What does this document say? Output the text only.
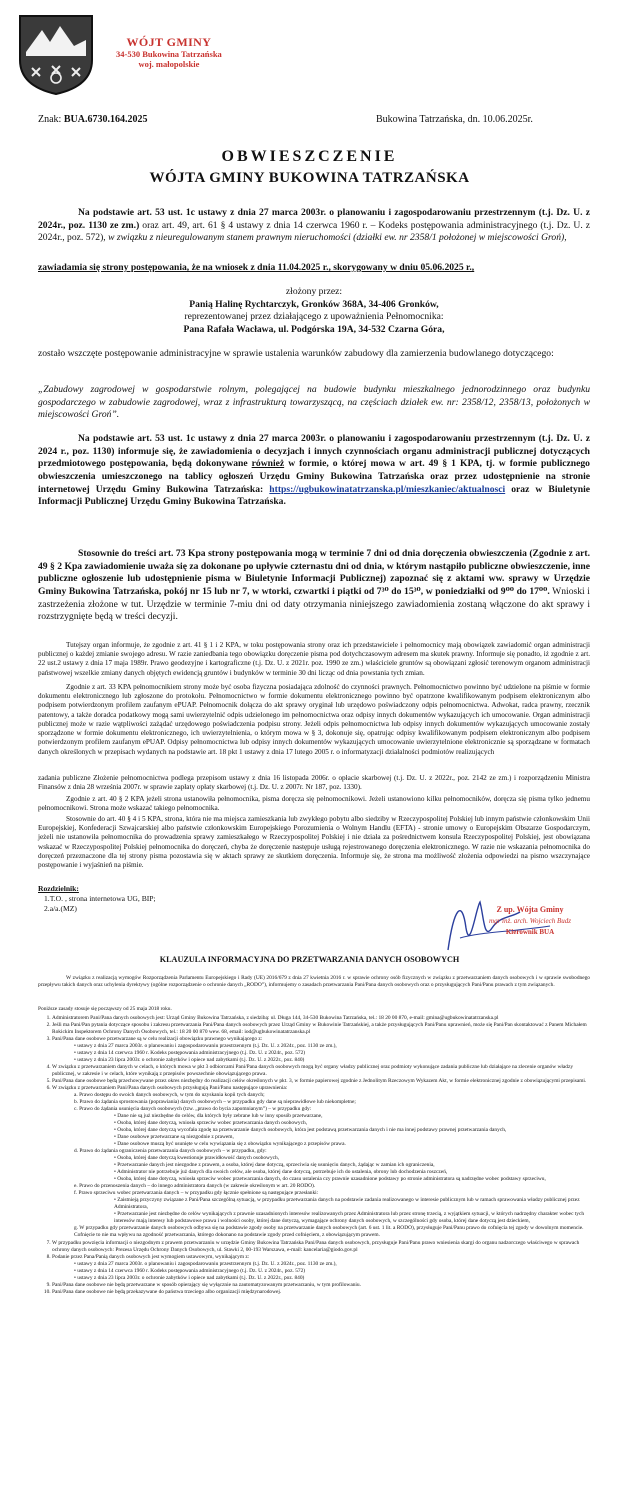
WÓJT GMINY
34-530 Bukowina Tatrzańska
woj. małopolskie
Znak: BUA.6730.164.2025	Bukowina Tatrzańska, dn. 10.06.2025r.
OBWIESZCZENIE
WÓJTA GMINY BUKOWINA TATRZAŃSKA
Na podstawie art. 53 ust. 1c ustawy z dnia 27 marca 2003r. o planowaniu i zagospodarowaniu przestrzennym (t.j. Dz. U. z 2024r., poz. 1130 ze zm.) oraz art. 49, art. 61 § 4 ustawy z dnia 14 czerwca 1960 r. – Kodeks postępowania administracyjnego (t.j. Dz. U. z 2024r., poz. 572), w związku z nieuregulowanym stanem prawnym nieruchomości (działki ew. nr 2358/1 położonej w miejscowości Groń),
zawiadamia się strony postępowania, że na wniosek z dnia 11.04.2025 r., skorygowany w dniu 05.06.2025 r.,
złożony przez:
Panią Halinę Rychtarczyk, Gronków 368A, 34-406 Gronków,
reprezentowanej przez działającego z upoważnienia Pełnomocnika:
Pana Rafała Wacława, ul. Podgórska 19A, 34-532 Czarna Góra,
zostało wszczęte postępowanie administracyjne w sprawie ustalenia warunków zabudowy dla zamierzenia budowlanego dotyczącego:
„Zabudowy zagrodowej w gospodarstwie rolnym, polegającej na budowie budynku mieszkalnego jednorodzinnego oraz budynku gospodarczego w zabudowie zagrodowej, wraz z infrastrukturą towarzyszącą, na częściach działek ew. nr: 2358/12, 2358/13, położonych w miejscowości Groń”.
Na podstawie art. 53 ust. 1c ustawy z dnia 27 marca 2003r. o planowaniu i zagospodarowaniu przestrzennym (t.j. Dz. U. z 2024 r., poz. 1130) informuje się, że zawiadomienia o decyzjach i innych czynnościach organu administracji publicznej dotyczących przedmiotowego postępowania, będą dokonywane również w formie, o której mowa w art. 49 § 1 KPA, tj. w formie publicznego obwieszczenia umieszczonego na tablicy ogłoszeń Urzędu Gminy Bukowina Tatrzańska oraz przez udostępnienie na stronie internetowej Urzędu Gminy Bukowina Tatrzańska: https://ugbukowinatatrzanska.pl/mieszkaniec/aktualnosci oraz w Biuletynie Informacji Publicznej Urzędu Gminy Bukowina Tatrzańska.
Stosownie do treści art. 73 Kpa strony postępowania mogą w terminie 7 dni od dnia doręczenia obwieszczenia (Zgodnie z art. 49 § 2 Kpa zawiadomienie uważa się za dokonane po upływie czternastu dni od dnia, w którym nastąpiło publiczne obwieszczenie, inne publiczne ogłoszenie lub udostępnienie pisma w Biuletynie Informacji Publicznej) zapoznać się z aktami ww. sprawy w Urzędzie Gminy Bukowina Tatrzańska, pokój nr 15 lub nr 7, w wtorki, czwartki i piątki od 7³⁰ do 15³⁰, w poniedziałki od 9⁰⁰ do 17⁰⁰. Wnioski i zastrzeżenia złożone w tut. Urzędzie w terminie 7-miu dni od daty otrzymania niniejszego zawiadomienia zostaną włączone do akt sprawy i rozstrzygnięte będą w treści decyzji.
Tutejszy organ informuje, że zgodnie z art. 41 § 1 i 2 KPA, w toku postępowania strony oraz ich przedstawiciele i pełnomocnicy mają obowiązek zawiadomić organ administracji publicznej o każdej zmianie swojego adresu. W razie zaniedbania tego obowiązku doręczenie pisma pod dotychczasowym adresem ma skutek prawny. Informuje się ponadto, iż zgodnie z art. 22 ust.2 ustawy z dnia 17 maja 1989r. Prawo geodezyjne i kartograficzne (t.j. Dz. U. z 2021r. poz. 1990 ze zm.) właściciele gruntów są obowiązani zgłosić terenowym organom administracji państwowej wszelkie zmiany danych objętych ewidencją gruntów i budynków w terminie 30 dni licząc od dnia powstania tych zmian.
Zgodnie z art. 33 KPA pełnomocnikiem strony może być osoba fizyczna posiadająca zdolność do czynności prawnych. Pełnomocnictwo powinno być udzielone na piśmie w formie dokumentu elektronicznego lub zgłoszone do protokołu. Pełnomocnictwo w formie dokumentu elektronicznego powinno być opatrzone kwalifikowanym podpisem elektronicznym albo podpisem potwierdzonym profilem zaufanym ePUAP. Pełnomocnik dołącza do akt sprawy oryginał lub urzędowo poświadczony odpis pełnomocnictwa. Adwokat, radca prawny, rzecznik patentowy, a także doradca podatkowy mogą sami uwierzytelnić odpis udzielonego im pełnomocnictwa oraz odpisy innych dokumentów wykazujących ich umocowanie. Organ administracji publicznej może w razie wątpliwości zażądać urzędowego poświadczenia podpisu strony. Jeżeli odpis pełnomocnictwa lub odpisy innych dokumentów wykazujących umocowanie zostały sporządzone w formie dokumentu elektronicznego, ich uwierzytelnienia, o którym mowa w § 3, dokonuje się, opatrując odpisy kwalifikowanym podpisem elektronicznym albo podpisem potwierdzonym profilem zaufanym ePUAP. Odpisy pełnomocnictwa lub odpisy innych dokumentów wykazujących umocowanie uwierzytelnione elektronicznie są sporządzane w formatach danych określonych w przepisach wydanych na podstawie art. 18 pkt 1 ustawy z dnia 17 lutego 2005 r. o informatyzacji działalności podmiotów realizujących
zadania publiczne Złożenie pełnomocnictwa podlega przepisom ustawy z dnia 16 listopada 2006r. o opłacie skarbowej (t.j. Dz. U. z 2022r., poz. 2142 ze zm.) i rozporządzeniu Ministra Finansów z dnia 28 września 2007r. w sprawie zapłaty opłaty skarbowej (t.j. Dz. U. z 2007r. Nr 187, poz. 1330).
Zgodnie z art. 40 § 2 KPA jeżeli strona ustanowiła pełnomocnika, pisma doręcza się pełnomocnikowi. Jeżeli ustanowiono kilku pełnomocników, doręcza się pisma tylko jednemu pełnomocnikowi. Strona może wskazać takiego pełnomocnika.
Stosownie do art. 40 § 4 i 5 KPA, strona, która nie ma miejsca zamieszkania lub zwykłego pobytu albo siedziby w Rzeczypospolitej Polskiej lub innym państwie członkowskim Unii Europejskiej, Konfederacji Szwajcarskiej albo państwie członkowskim Europejskiego Porozumienia o Wolnym Handlu (EFTA) - stronie umowy o Europejskim Obszarze Gospodarczym, jeżeli nie ustanowiła pełnomocnika do prowadzenia sprawy zamieszkałego w Rzeczypospolitej Polskiej i nie działa za pośrednictwem konsula Rzeczypospolitej Polskiej, jest obowiązana wskazać w Rzeczypospolitej Polskiej pełnomocnika do doręczeń, chyba że doręczenie następuje usługą rejestrowanego doręczenia elektronicznego. W razie nie wskazania pełnomocnika do doręczeń przeznaczone dla tej strony pisma pozostawia się w aktach sprawy ze skutkiem doręczenia. Informuje się, że strona ma możliwość złożenia odpowiedzi na pismo wszczynające postępowanie i wyjaśnień na piśmie.
Rozdzielnik:
1.T.O. , strona internetowa UG, BIP;
2.a/a.(MZ)	Z up. Wójta Gminy
mgr inż. arch. Wojciech Budz
Kierownik BUA
KLAUZULA INFORMACYJNA DO PRZETWARZANIA DANYCH OSOBOWYCH
W związku z realizacją wymogów Rozporządzenia Parlamentu Europejskiego i Rady (UE) 2016/679 z dnia 27 kwietnia 2016 r. w sprawie ochrony osób fizycznych w związku z przetwarzaniem danych osobowych i w sprawie swobodnego przepływu takich danych oraz uchylenia dyrektywy (ogólne rozporządzenie o ochronie danych „RODO”), informujemy o zasadach przetwarzania Pani/Pana danych osobowych oraz o przysługujących Pani/Panu prawach z tym związanych.
Poniższe zasady stosuje się począwszy od 25 maja 2018 roku.
1. Administratorem Pani/Pana danych osobowych jest: Urząd Gminy Bukowina Tatrzańska, z siedzibą: ul. Długa 144, 34-530 Bukowina Tatrzańska, tel.: 18 20 00 870, e-mail: gmina@ugbukowinatatrzanska.pl
2. Jeśli ma Pani/Pan pytania dotyczące sposobu i zakresu przetwarzania Pani/Pana danych osobowych przez Urząd Gminy w Bukowinie Tatrzańskiej, a także przysługujących Pani/Panu uprawnień, może się Pani/Pan skontaktować z Panem Michałem Rokickim Inspektorem Ochrony Danych Osobowych, tel.: 18 20 00 870 wew. 68, email: iod@ugbukowinatatrzanska.pl
3. Pani/Pana dane osobowe przetwarzane są w celu realizacji obowiązku prawnego wynikającego z:
• ustawy z dnia 27 marca 2003r. o planowaniu i zagospodarowaniu przestrzennym (t.j. Dz. U. z 2024r., poz. 1130 ze zm.),
• ustawy z dnia 14 czerwca 1960 r. Kodeks postępowania administracyjnego (t.j. Dz. U. z 2024r., poz. 572)
• ustawy z dnia 23 lipca 2003r. o ochronie zabytków i opiece nad zabytkami (t.j. Dz. U. z 2022r., poz. 840)
4. W związku z przetwarzaniem danych w celach, o których mowa w pkt 3 odbiorcami Pani/Pana danych osobowych mogą być organy władzy publicznej oraz podmioty wykonujące zadania publiczne lub działające na zlecenie organów władzy publicznej, w zakresie i w celach, które wynikają z przepisów powszechnie obowiązującego prawa.
5. Pani/Pana dane osobowe będą przechowywane przez okres niezbędny do realizacji celów określonych w pkt. 3, w formie papierowej zgodnie z Jednolitym Rzeczowym Wykazem Akt, w formie elektronicznej zgodnie z obowiązującymi przepisami.
6. W związku z przetwarzaniem Pani/Pana danych osobowych przysługują Pani/Panu następujące uprawnienia:
a. Prawo dostępu do swoich danych osobowych, w tym do uzyskania kopii tych danych;
b. Prawo do żądania sprostowania (poprawiania) danych osobowych – w przypadku gdy dane są nieprawidłowe lub niekompletne;
c. Prawo do żądania usunięcia danych osobowych (tzw. „prawo do bycia zapomnianym”) – w przypadku gdy:
• Dane nie są już niezbędne do celów, dla których były zebrane lub w inny sposób przetwarzane,
• Osoba, której dane dotyczą, wniosła sprzeciw wobec przetwarzania danych osobowych,
• Osoba, której dane dotyczą wycofała zgodę na przetwarzanie danych osobowych, która jest podstawą przetwarzania danych i nie ma innej podstawy prawnej przetwarzania danych,
• Dane osobowe przetwarzane są niezgodnie z prawem,
• Dane osobowe muszą być usunięte w celu wywiązania się z obowiązku wynikającego z przepisów prawa.
d. Prawo do żądania ograniczenia przetwarzania danych osobowych – w przypadku, gdy:
• Osoba, której dane dotyczą kwestionuje prawidłowość danych osobowych,
• Przetwarzanie danych jest niezgodne z prawem, a osoba, której dane dotyczą, sprzeciwia się usunięciu danych, żądając w zamian ich ograniczenia,
• Administrator nie potrzebuje już danych dla swoich celów, ale osoba, której dane dotyczą, potrzebuje ich do ustalenia, obrony lub dochodzenia roszczeń,
• Osoba, której dane dotyczą, wniosła sprzeciw wobec przetwarzania danych, do czasu ustalenia czy prawnie uzasadnione podstawy po stronie administratora są nadrzędne wobec podstawy sprzeciwu,
e. Prawo do przenoszenia danych – do innego administratora danych (w zakresie określonym w art. 20 RODO).
f. Prawo sprzeciwu wobec przetwarzania danych – w przypadku gdy łącznie spełnione są następujące przesłanki:
• Zaistnieją przyczyny związane z Pani/Pana szczególną sytuacją, w przypadku przetwarzania danych na podstawie zadania realizowanego w interesie publicznym lub w ramach sprawowania władzy publicznej przez Administratora,
• Przetwarzanie jest niezbędne do celów wynikających z prawnie uzasadnionych interesów realizowanych przez Administratora lub przez stronę trzecią, z wyjątkiem sytuacji, w których nadrzędny charakter wobec tych interesów mają interesy lub podstawowe prawa i wolności osoby, której dane dotyczą, wymagające ochrony danych osobowych, w szczególności gdy osoba, której dane dotyczą jest dzieckiem,
g. W przypadku gdy przetwarzanie danych osobowych odbywa się na podstawie zgody osoby na przetwarzanie danych osobowych (art. 6 ust. 1 lit. a RODO), przysługuje Pani/Panu prawo do cofnięcia tej zgody w dowolnym momencie. Cofnięcie to nie ma wpływu na zgodność przetwarzania, którego dokonano na podstawie zgody przed cofnięciem, z obowiązującym prawem.
7. W przypadku powzięcia informacji o niezgodnym z prawem przetwarzaniu w urzędzie Gminy Bukowina Tatrzańska Pani/Pana danych osobowych, przysługuje Pani/Panu prawo wniesienia skargi do organu nadzorczego właściwego w sprawach ochrony danych osobowych: Prezesa Urzędu Ochrony Danych Osobowych, ul. Stawki 2, 00-193 Warszawa, e-mail: kancelaria@giodo.gov.pl
8. Podanie przez Pana/Panią danych osobowych jest wymogiem ustawowym, wynikającym z:
• ustawy z dnia 27 marca 2003r. o planowaniu i zagospodarowaniu przestrzennym (t.j. Dz. U. z 2024r., poz. 1130 ze zm.),
• ustawy z dnia 14 czerwca 1960 r. Kodeks postępowania administracyjnego (t.j. Dz. U. z 2024r., poz. 572)
• ustawy z dnia 23 lipca 2003r. o ochronie zabytków i opiece nad zabytkami (t.j. Dz. U. z 2022r., poz. 840)
9. Pani/Pana dane osobowe nie będą przetwarzane w sposób opierający się wyłącznie na zautomatyzowanym przetwarzaniu, w tym profilowaniu.
10. Pani/Pana dane osobowe nie będą przekazywane do państwa trzeciego albo organizacji międzynarodowej.
